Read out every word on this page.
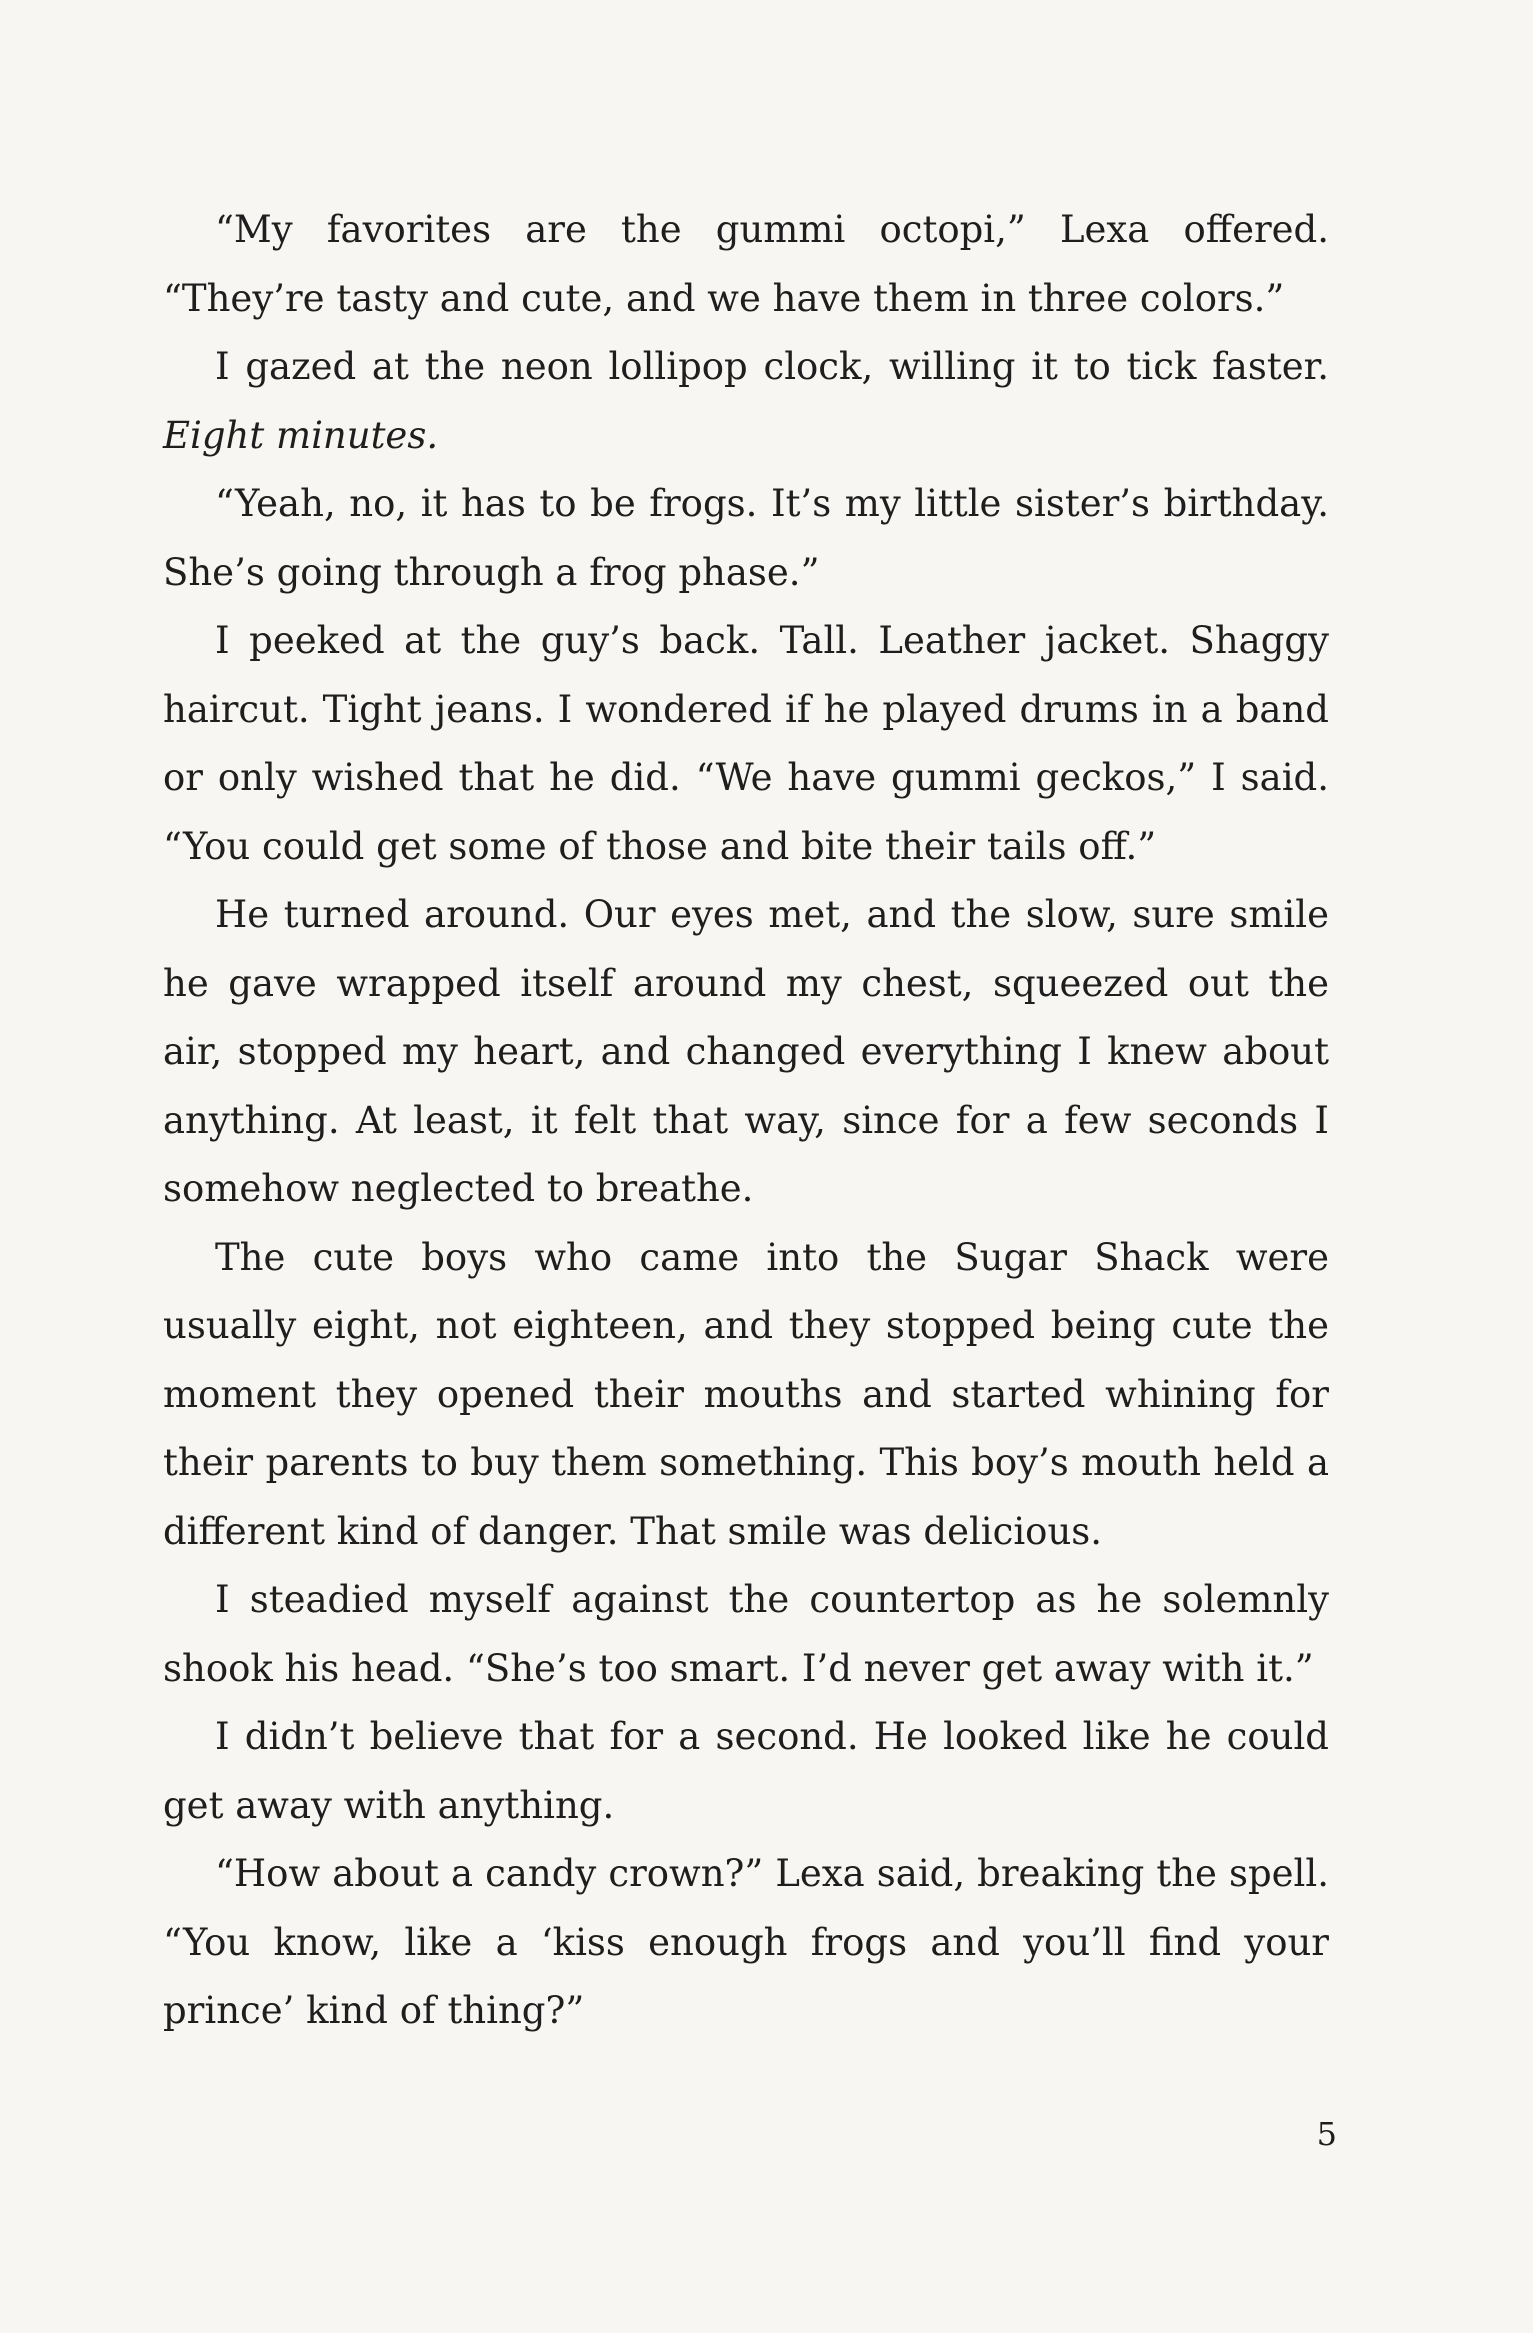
“My favorites are the gummi octopi,” Lexa offered. “They’re tasty and cute, and we have them in three colors.”

I gazed at the neon lollipop clock, willing it to tick faster. Eight minutes.

“Yeah, no, it has to be frogs. It’s my little sister’s birthday. She’s going through a frog phase.”

I peeked at the guy’s back. Tall. Leather jacket. Shaggy haircut. Tight jeans. I wondered if he played drums in a band or only wished that he did. “We have gummi geckos,” I said. “You could get some of those and bite their tails off.”

He turned around. Our eyes met, and the slow, sure smile he gave wrapped itself around my chest, squeezed out the air, stopped my heart, and changed everything I knew about anything. At least, it felt that way, since for a few seconds I somehow neglected to breathe.

The cute boys who came into the Sugar Shack were usually eight, not eighteen, and they stopped being cute the moment they opened their mouths and started whining for their parents to buy them something. This boy’s mouth held a different kind of danger. That smile was delicious.

I steadied myself against the countertop as he solemnly shook his head. “She’s too smart. I’d never get away with it.”

I didn’t believe that for a second. He looked like he could get away with anything.

“How about a candy crown?” Lexa said, breaking the spell. “You know, like a ‘kiss enough frogs and you’ll find your prince’ kind of thing?”

5
